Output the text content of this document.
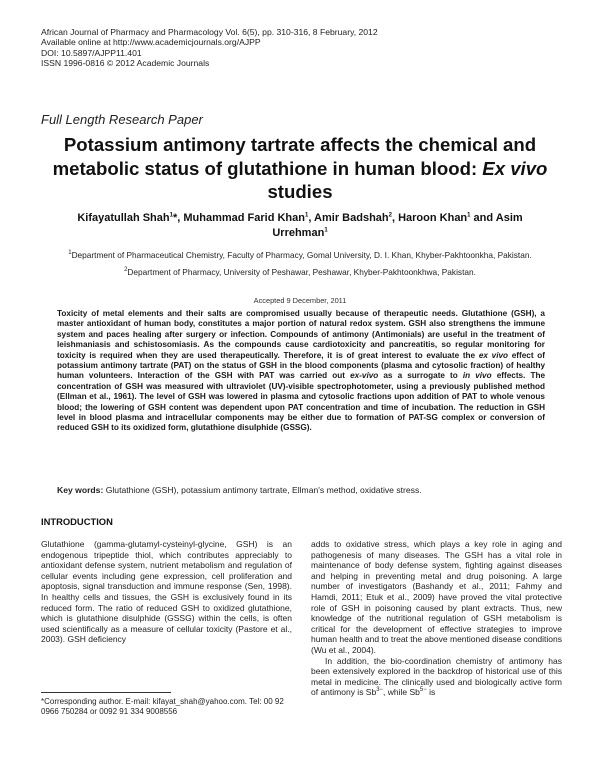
African Journal of Pharmacy and Pharmacology Vol. 6(5), pp. 310-316, 8 February, 2012
Available online at http://www.academicjournals.org/AJPP
DOI: 10.5897/AJPP11.401
ISSN 1996-0816 © 2012 Academic Journals
Full Length Research Paper
Potassium antimony tartrate affects the chemical and metabolic status of glutathione in human blood: Ex vivo studies
Kifayatullah Shah$^1$*, Muhammad Farid Khan$^1$, Amir Badshah$^2$, Haroon Khan$^1$ and Asim Urrehman$^1$
$^1$Department of Pharmaceutical Chemistry, Faculty of Pharmacy, Gomal University, D. I. Khan, Khyber-Pakhtoonkha, Pakistan.
$^2$Department of Pharmacy, University of Peshawar, Peshawar, Khyber-Pakhtoonkhwa, Pakistan.
Accepted 9 December, 2011
Toxicity of metal elements and their salts are compromised usually because of therapeutic needs. Glutathione (GSH), a master antioxidant of human body, constitutes a major portion of natural redox system. GSH also strengthens the immune system and paces healing after surgery or infection. Compounds of antimony (Antimonials) are useful in the treatment of leishmaniasis and schistosomiasis. As the compounds cause cardiotoxicity and pancreatitis, so regular monitoring for toxicity is required when they are used therapeutically. Therefore, it is of great interest to evaluate the ex vivo effect of potassium antimony tartrate (PAT) on the status of GSH in the blood components (plasma and cytosolic fraction) of healthy human volunteers. Interaction of the GSH with PAT was carried out ex-vivo as a surrogate to in vivo effects. The concentration of GSH was measured with ultraviolet (UV)-visible spectrophotometer, using a previously published method (Ellman et al., 1961). The level of GSH was lowered in plasma and cytosolic fractions upon addition of PAT to whole venous blood; the lowering of GSH content was dependent upon PAT concentration and time of incubation. The reduction in GSH level in blood plasma and intracellular components may be either due to formation of PAT-SG complex or conversion of reduced GSH to its oxidized form, glutathione disulphide (GSSG).
Key words: Glutathione (GSH), potassium antimony tartrate, Ellman's method, oxidative stress.
INTRODUCTION

Glutathione (gamma-glutamyl-cysteinyl-glycine, GSH) is an endogenous tripeptide thiol, which contributes appreciably to antioxidant defense system, nutrient metabolism and regulation of cellular events including gene expression, cell proliferation and apoptosis, signal transduction and immune response (Sen, 1998). In healthy cells and tissues, the GSH is exclusively found in its reduced form. The ratio of reduced GSH to oxidized glutathione, which is glutathione disulphide (GSSG) within the cells, is often used scientifically as a measure of cellular toxicity (Pastore et al., 2003). GSH deficiency

adds to oxidative stress, which plays a key role in aging and pathogenesis of many diseases. The GSH has a vital role in maintenance of body defense system, fighting against diseases and helping in preventing metal and drug poisoning. A large number of investigators (Bashandy et al., 2011; Fahmy and Hamdi, 2011; Etuk et al., 2009) have proved the vital protective role of GSH in poisoning caused by plant extracts. Thus, new knowledge of the nutritional regulation of GSH metabolism is critical for the development of effective strategies to improve human health and to treat the above mentioned disease conditions (Wu et al., 2004).

In addition, the bio-coordination chemistry of antimony has been extensively explored in the backdrop of historical use of this metal in medicine. The clinically used and biologically active form of antimony is $Sb^{3-}$, while $Sb^{5-}$ is

*Corresponding author. E-mail: kifayat_shah@yahoo.com. Tel: 00 92 0966 750284 or 0092 91 334 9008556
